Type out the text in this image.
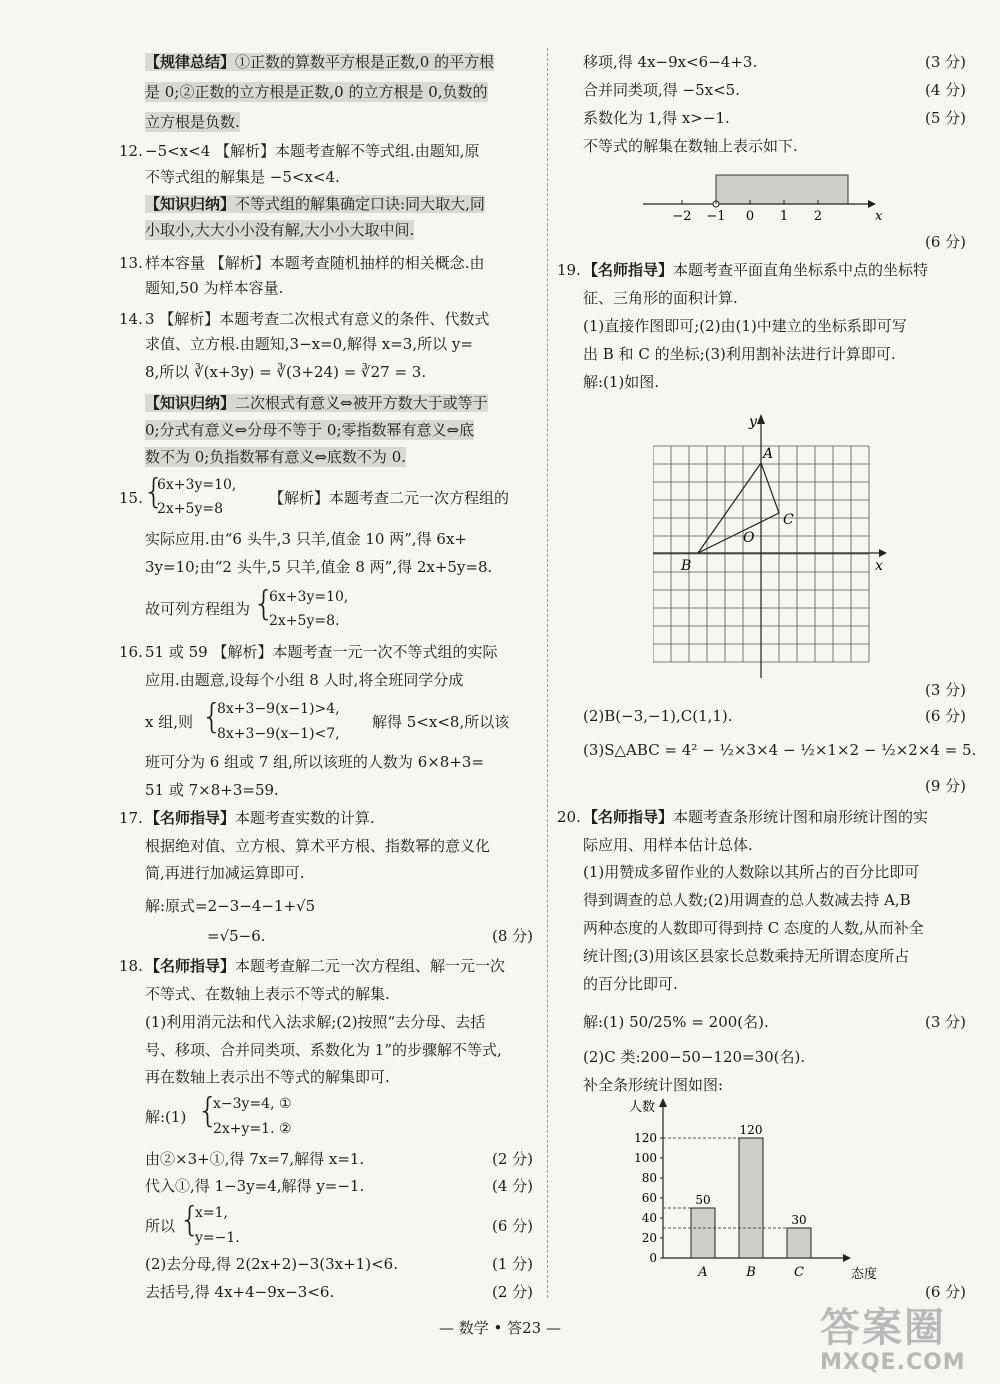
【规律总结】①正数的算数平方根是正数,0 的平方根
是 0;②正数的立方根是正数,0 的立方根是 0,负数的
立方根是负数.
12. −5<x<4 【解析】本题考查解不等式组.由题知,原
不等式组的解集是 −5<x<4.
【知识归纳】不等式组的解集确定口诀:同大取大,同
小取小,大大小小没有解,大小小大取中间.
13. 样本容量 【解析】本题考查随机抽样的相关概念.由
题知,50 为样本容量.
14. 3 【解析】本题考查二次根式有意义的条件、代数式
求值、立方根.由题知,3−x=0,解得 x=3,所以 y=
8,所以 ∛(x+3y) = ∛(3+24) = ∛27 = 3.
【知识归纳】二次根式有意义⇔被开方数大于或等于
0;分式有意义⇔分母不等于 0;零指数幂有意义⇔底
数不为 0;负指数幂有意义⇔底数不为 0.
15. {
6x+3y=10,
2x+5y=8
【解析】本题考查二元一次方程组的
实际应用.由“6 头牛,3 只羊,值金 10 两”,得 6x+
3y=10;由“2 头牛,5 只羊,值金 8 两”,得 2x+5y=8.
故可列方程组为 {
6x+3y=10,
2x+5y=8.
16. 51 或 59 【解析】本题考查一元一次不等式组的实际
应用.由题意,设每个小组 8 人时,将全班同学分成
x 组,则 {
8x+3−9(x−1)>4,
8x+3−9(x−1)<7,
解得 5<x<8,所以该
班可分为 6 组或 7 组,所以该班的人数为 6×8+3=
51 或 7×8+3=59.
17. 【名师指导】本题考查实数的计算.
根据绝对值、立方根、算术平方根、指数幂的意义化
简,再进行加减运算即可.
解:原式=2−3−4−1+√5
=√5−6.	(8 分)
18. 【名师指导】本题考查解二元一次方程组、解一元一次
不等式、在数轴上表示不等式的解集.
(1)利用消元法和代入法求解;(2)按照“去分母、去括
号、移项、合并同类项、系数化为 1”的步骤解不等式,
再在数轴上表示出不等式的解集即可.
解:(1) {
x−3y=4, ①
2x+y=1. ②
由②×3+①,得 7x=7,解得 x=1.	(2 分)
代入①,得 1−3y=4,解得 y=−1.	(4 分)
所以 {
x=1,
y=−1.
(6 分)
(2)去分母,得 2(2x+2)−3(3x+1)<6.	(1 分)
去括号,得 4x+4−9x−3<6.	(2 分)
移项,得 4x−9x<6−4+3.	(3 分)
合并同类项,得 −5x<5.	(4 分)
系数化为 1,得 x>−1.	(5 分)
不等式的解集在数轴上表示如下.
−2 −1 0 1 2	x
(6 分)
19. 【名师指导】本题考查平面直角坐标系中点的坐标特
征、三角形的面积计算.
(1)直接作图即可;(2)由(1)中建立的坐标系即可写
出 B 和 C 的坐标;(3)利用割补法进行计算即可.
解:(1)如图.
y
x
A
B
C
O
(3 分)
(2)B(−3,−1),C(1,1).	(6 分)
(3)S△ABC = 4² − ½×3×4 − ½×1×2 − ½×2×4 = 5.
(9 分)
20. 【名师指导】本题考查条形统计图和扇形统计图的实
际应用、用样本估计总体.
(1)用赞成多留作业的人数除以其所占的百分比即可
得到调查的总人数;(2)用调查的总人数减去持 A,B
两种态度的人数即可得到持 C 态度的人数,从而补全
统计图;(3)用该区县家长总数乘持无所谓态度所占
的百分比即可.
解:(1) 50/25% = 200(名).	(3 分)
(2)C 类:200−50−120=30(名).
补全条形统计图如图:
人数
态度
0
20
40
60
80
100
120
50
A
120
B
30
C
(6 分)
— 数学 • 答23 —	答案圈
MXQE.COM
